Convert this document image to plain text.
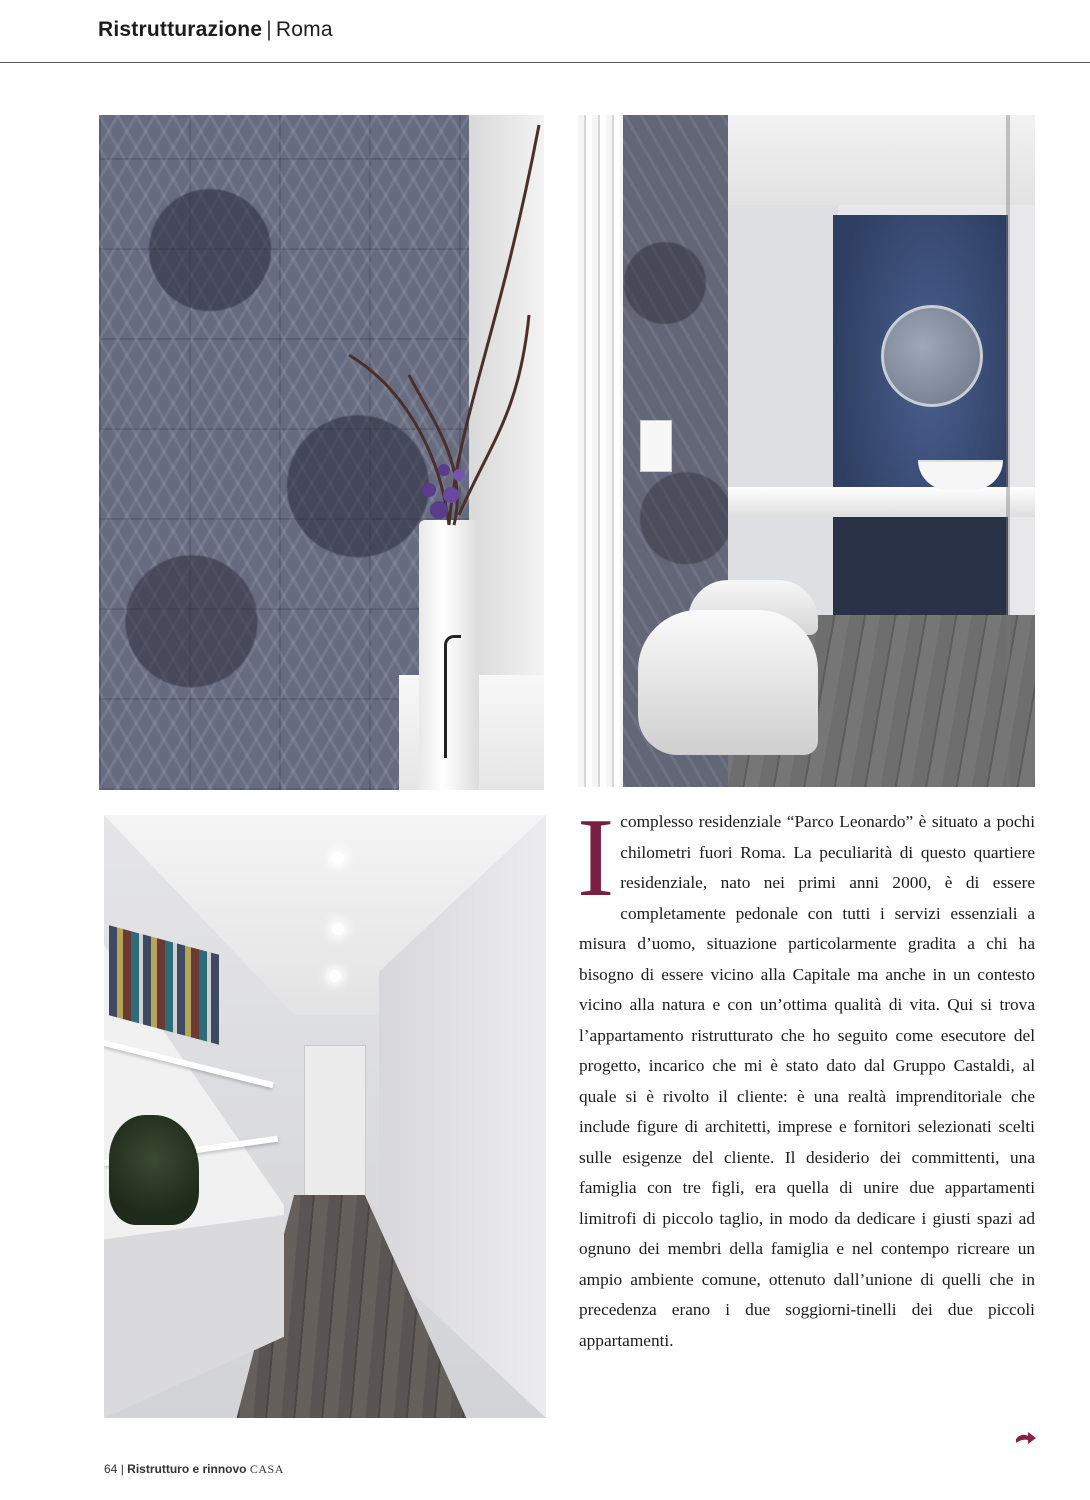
Ristrutturazione | Roma
I complesso residenziale “Parco Leonardo” è situato a pochi chilometri fuori Roma. La peculiarità di questo quartiere residenziale, nato nei primi anni 2000, è di essere completamente pedonale con tutti i servizi essenziali a misura d’uomo, situazione particolarmente gradita a chi ha bisogno di essere vicino alla Capitale ma anche in un contesto vicino alla natura e con un’ottima qualità di vita. Qui si trova l’appartamento ristrutturato che ho seguito come esecutore del progetto, incarico che mi è stato dato dal Gruppo Castaldi, al quale si è rivolto il cliente: è una realtà imprenditoriale che include figure di architetti, imprese e fornitori selezionati scelti sulle esigenze del cliente. Il desiderio dei committenti, una famiglia con tre figli, era quella di unire due appartamenti limitrofi di piccolo taglio, in modo da dedicare i giusti spazi ad ognuno dei membri della famiglia e nel contempo ricreare un ampio ambiente comune, ottenuto dall’unione di quelli che in precedenza erano i due soggiorni-tinelli dei due piccoli appartamenti.

64 | Ristrutturo e rinnovo CASA
